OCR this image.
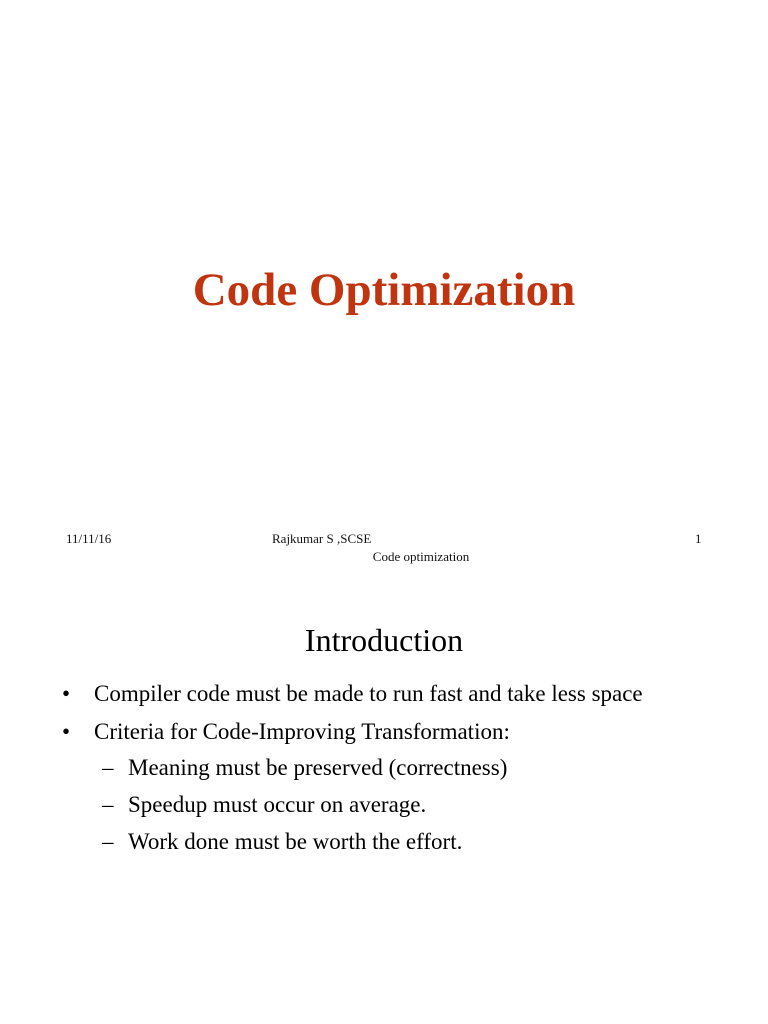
Code Optimization
11/11/16	Rajkumar S ,SCSE	1
Code optimization
Introduction
• Compiler code must be made to run fast and take less space
• Criteria for Code-Improving Transformation:
– Meaning must be preserved (correctness)
– Speedup must occur on average.
– Work done must be worth the effort.
